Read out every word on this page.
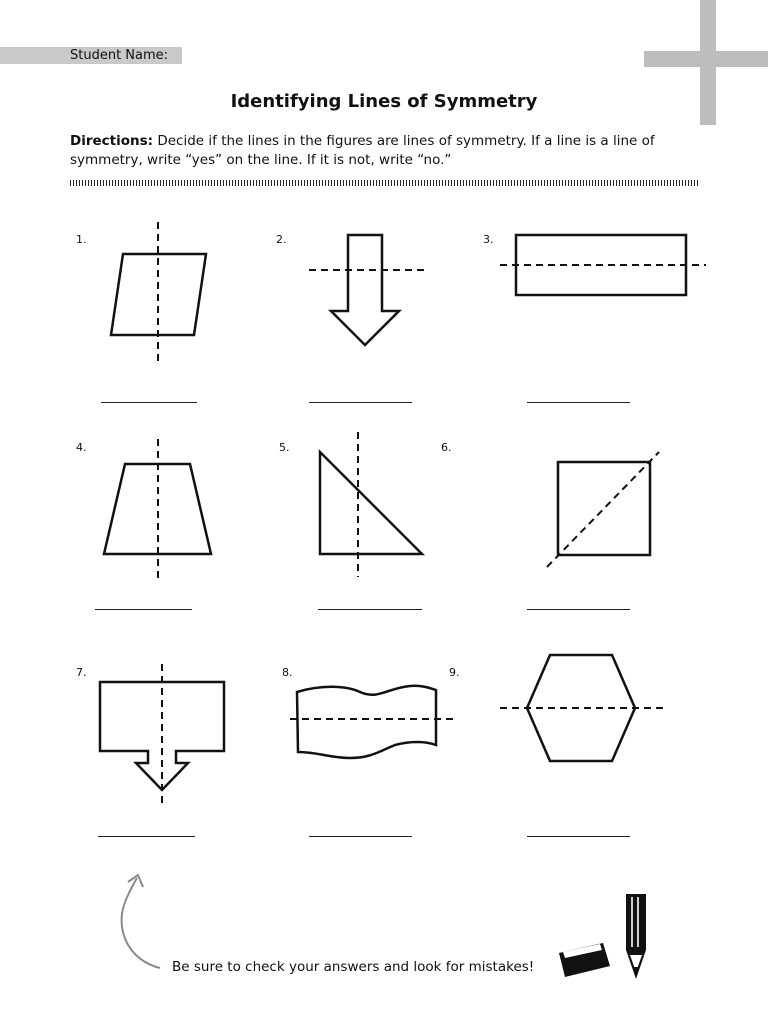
Student Name:
Identifying Lines of Symmetry
Directions: Decide if the lines in the figures are lines of symmetry. If a line is a line of symmetry, write “yes” on the line. If it is not, write “no.”
1.	2.	3.
4.	5.	6.
7.	8.	9.
Be sure to check your answers and look for mistakes!
